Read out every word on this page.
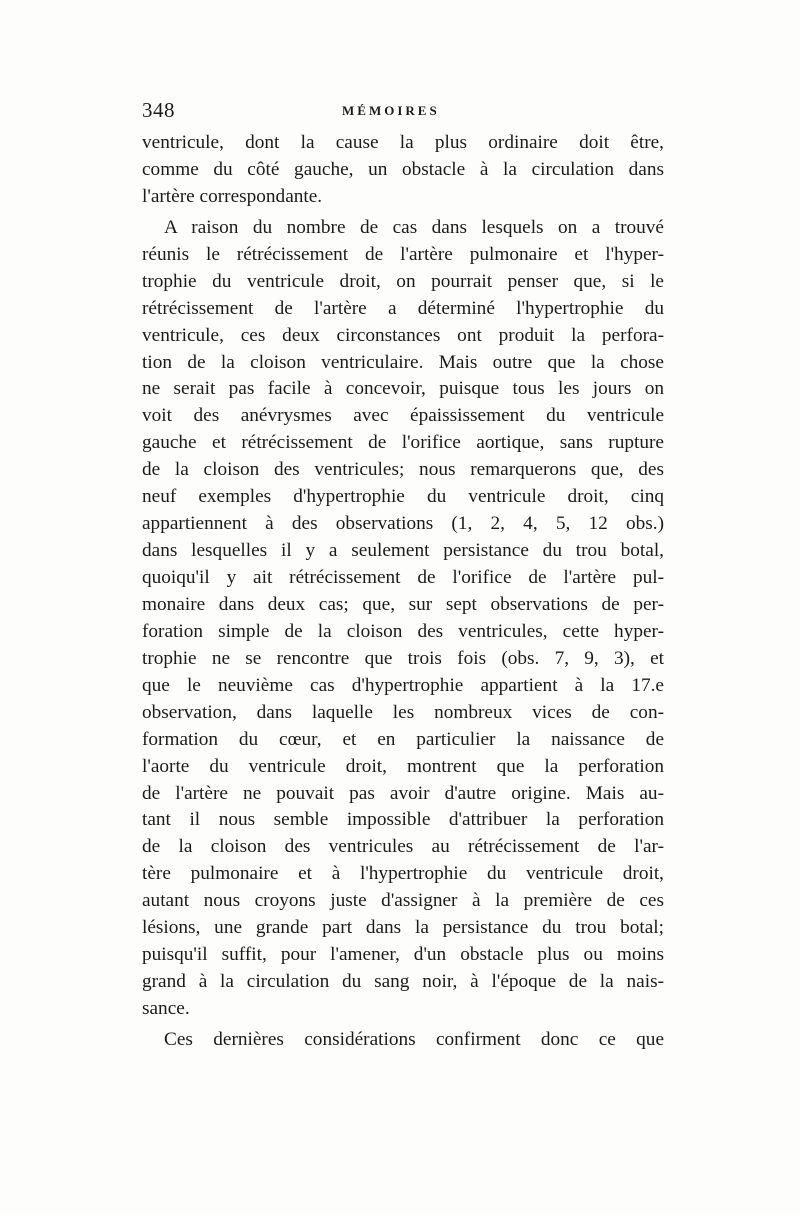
348	MÉMOIRES
ventricule, dont la cause la plus ordinaire doit être,
comme du côté gauche, un obstacle à la circulation dans
l'artère correspondante.
A raison du nombre de cas dans lesquels on a trouvé
réunis le rétrécissement de l'artère pulmonaire et l'hyper-
trophie du ventricule droit, on pourrait penser que, si le
rétrécissement de l'artère a déterminé l'hypertrophie du
ventricule, ces deux circonstances ont produit la perfora-
tion de la cloison ventriculaire. Mais outre que la chose
ne serait pas facile à concevoir, puisque tous les jours on
voit des anévrysmes avec épaississement du ventricule
gauche et rétrécissement de l'orifice aortique, sans rupture
de la cloison des ventricules; nous remarquerons que, des
neuf exemples d'hypertrophie du ventricule droit, cinq
appartiennent à des observations (1, 2, 4, 5, 12 obs.)
dans lesquelles il y a seulement persistance du trou botal,
quoiqu'il y ait rétrécissement de l'orifice de l'artère pul-
monaire dans deux cas; que, sur sept observations de per-
foration simple de la cloison des ventricules, cette hyper-
trophie ne se rencontre que trois fois (obs. 7, 9, 3), et
que le neuvième cas d'hypertrophie appartient à la 17.e
observation, dans laquelle les nombreux vices de con-
formation du cœur, et en particulier la naissance de
l'aorte du ventricule droit, montrent que la perforation
de l'artère ne pouvait pas avoir d'autre origine. Mais au-
tant il nous semble impossible d'attribuer la perforation
de la cloison des ventricules au rétrécissement de l'ar-
tère pulmonaire et à l'hypertrophie du ventricule droit,
autant nous croyons juste d'assigner à la première de ces
lésions, une grande part dans la persistance du trou botal;
puisqu'il suffit, pour l'amener, d'un obstacle plus ou moins
grand à la circulation du sang noir, à l'époque de la nais-
sance.
Ces dernières considérations confirment donc ce que
